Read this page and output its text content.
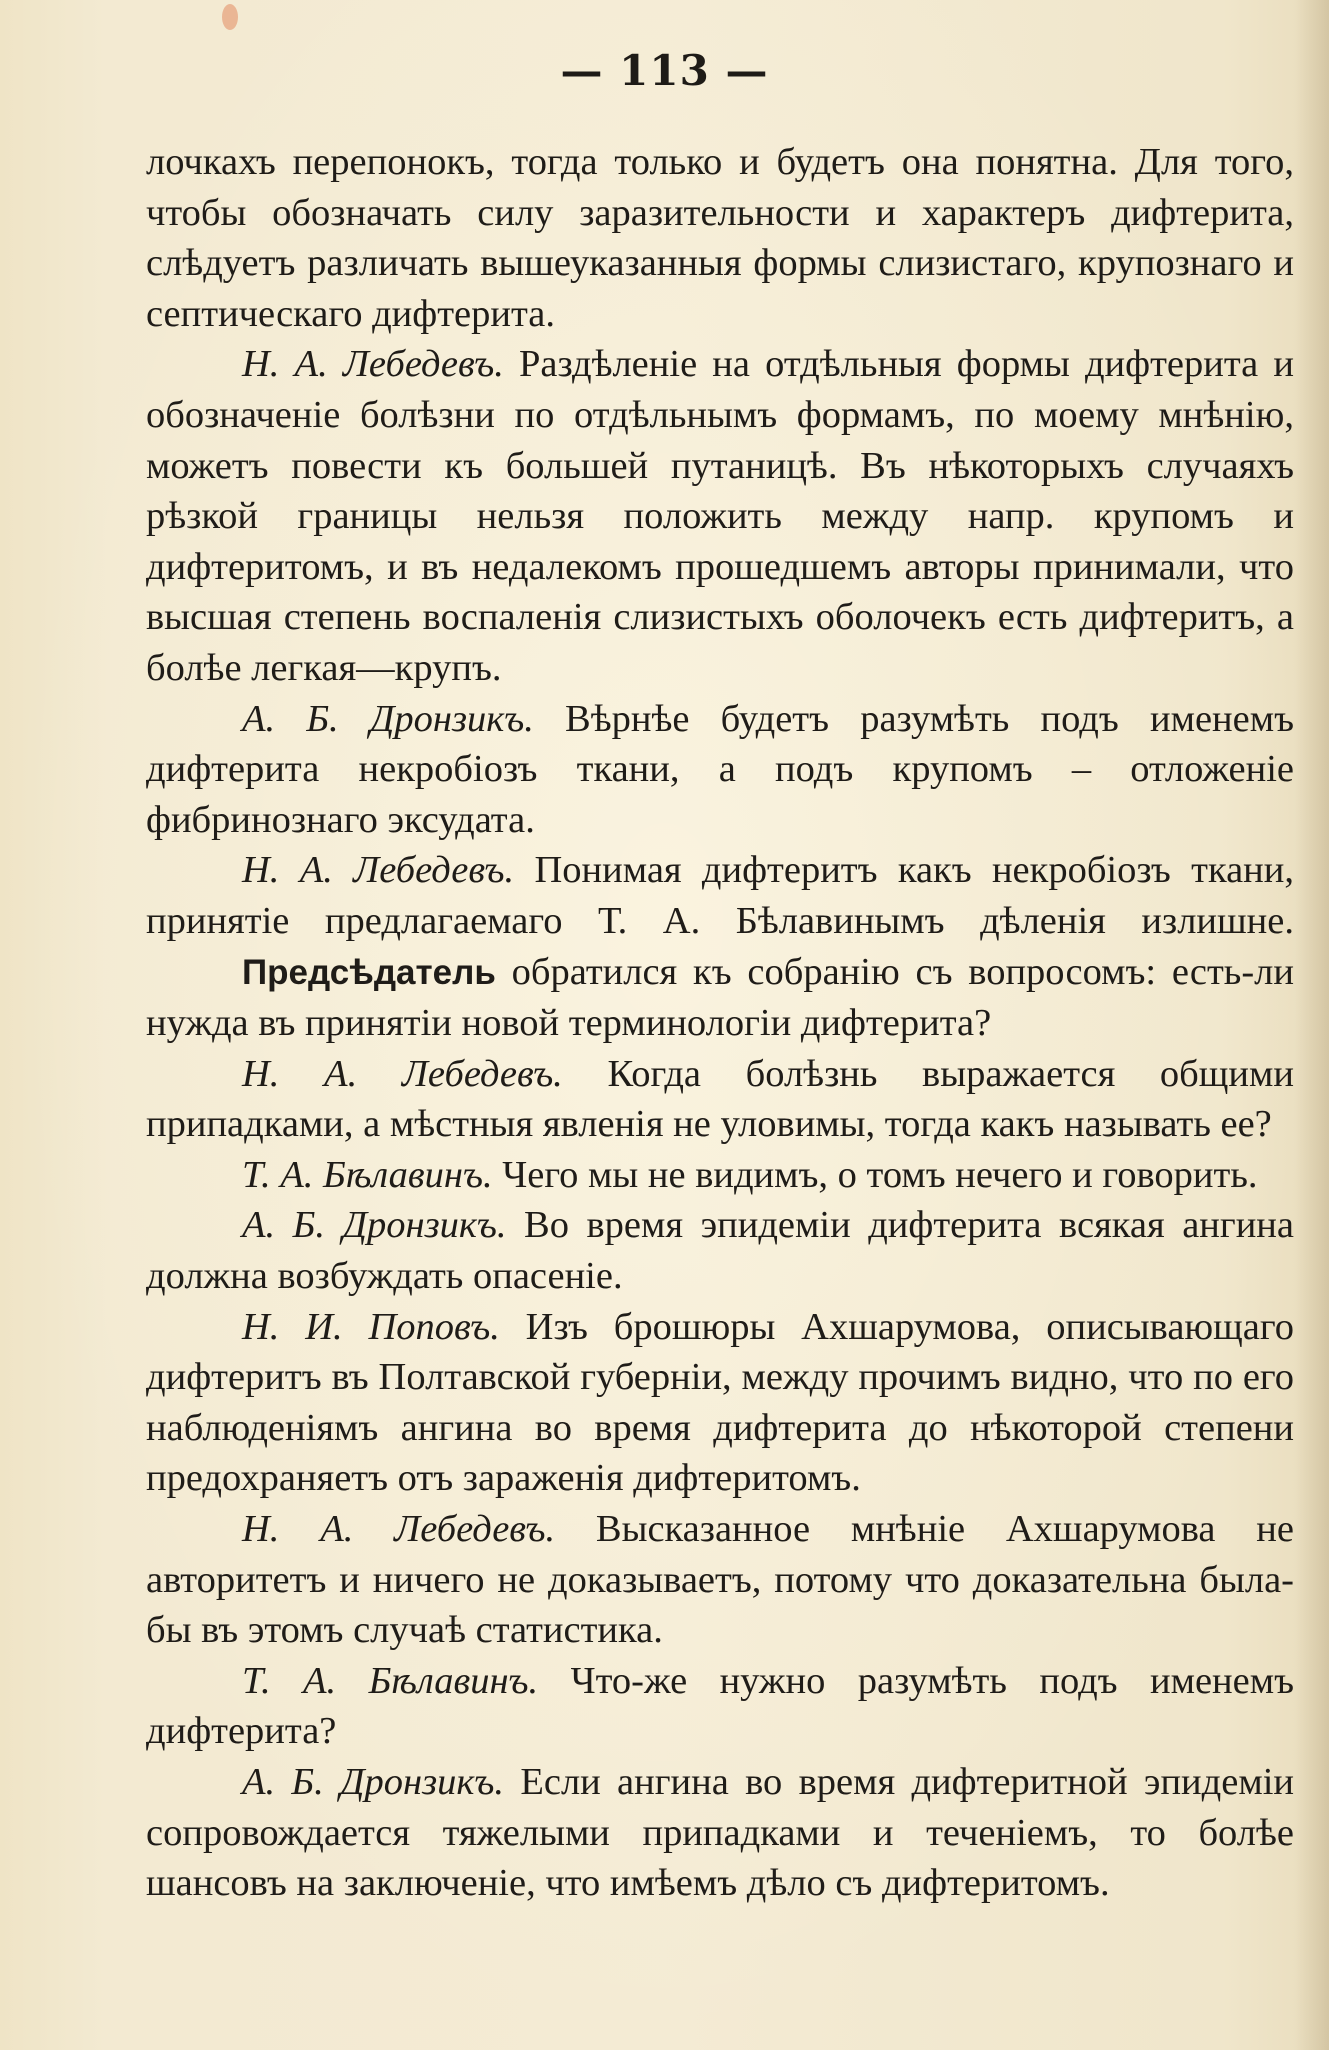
— 113 —

лочкахъ перепонокъ, тогда только и будетъ она понятна. Для того, чтобы обозначать силу заразительности и характеръ дифтерита, слѣдуетъ различать вышеуказанныя формы слизистаго, крупознаго и септическаго дифтерита.

Н. А. Лебедевъ. Раздѣленіе на отдѣльныя формы дифтерита и обозначеніе болѣзни по отдѣльнымъ формамъ, по моему мнѣнію, можетъ повести къ большей путаницѣ. Въ нѣкоторыхъ случаяхъ рѣзкой границы нельзя положить между напр. крупомъ и дифтеритомъ, и въ недалекомъ прошедшемъ авторы принимали, что высшая степень воспаленія слизистыхъ оболочекъ есть дифтеритъ, а болѣе легкая—крупъ.

А. Б. Дронзикъ. Вѣрнѣе будетъ разумѣть подъ именемъ дифтерита некробіозъ ткани, а подъ крупомъ – отложеніе фибринознаго эксудата.

Н. А. Лебедевъ. Понимая дифтеритъ какъ некробіозъ ткани, принятіе предлагаемаго Т. А. Бѣлавинымъ дѣленія излишне.

Предсѣдатель обратился къ собранію съ вопросомъ: есть-ли нужда въ принятіи новой терминологіи дифтерита?

Н. А. Лебедевъ. Когда болѣзнь выражается общими припадками, а мѣстныя явленія не уловимы, тогда какъ называть ее?

Т. А. Бѣлавинъ. Чего мы не видимъ, о томъ нечего и говорить.

А. Б. Дронзикъ. Во время эпидеміи дифтерита всякая ангина должна возбуждать опасеніе.

Н. И. Поповъ. Изъ брошюры Ахшарумова, описывающаго дифтеритъ въ Полтавской губерніи, между прочимъ видно, что по его наблюденіямъ ангина во время дифтерита до нѣкоторой степени предохраняетъ отъ зараженія дифтеритомъ.

Н. А. Лебедевъ. Высказанное мнѣніе Ахшарумова не авторитетъ и ничего не доказываетъ, потому что доказательна была-бы въ этомъ случаѣ статистика.

Т. А. Бѣлавинъ. Что-же нужно разумѣть подъ именемъ дифтерита?

А. Б. Дронзикъ. Если ангина во время дифтеритной эпидеміи сопровождается тяжелыми припадками и теченіемъ, то болѣе шансовъ на заключеніе, что имѣемъ дѣло съ дифтеритомъ.
